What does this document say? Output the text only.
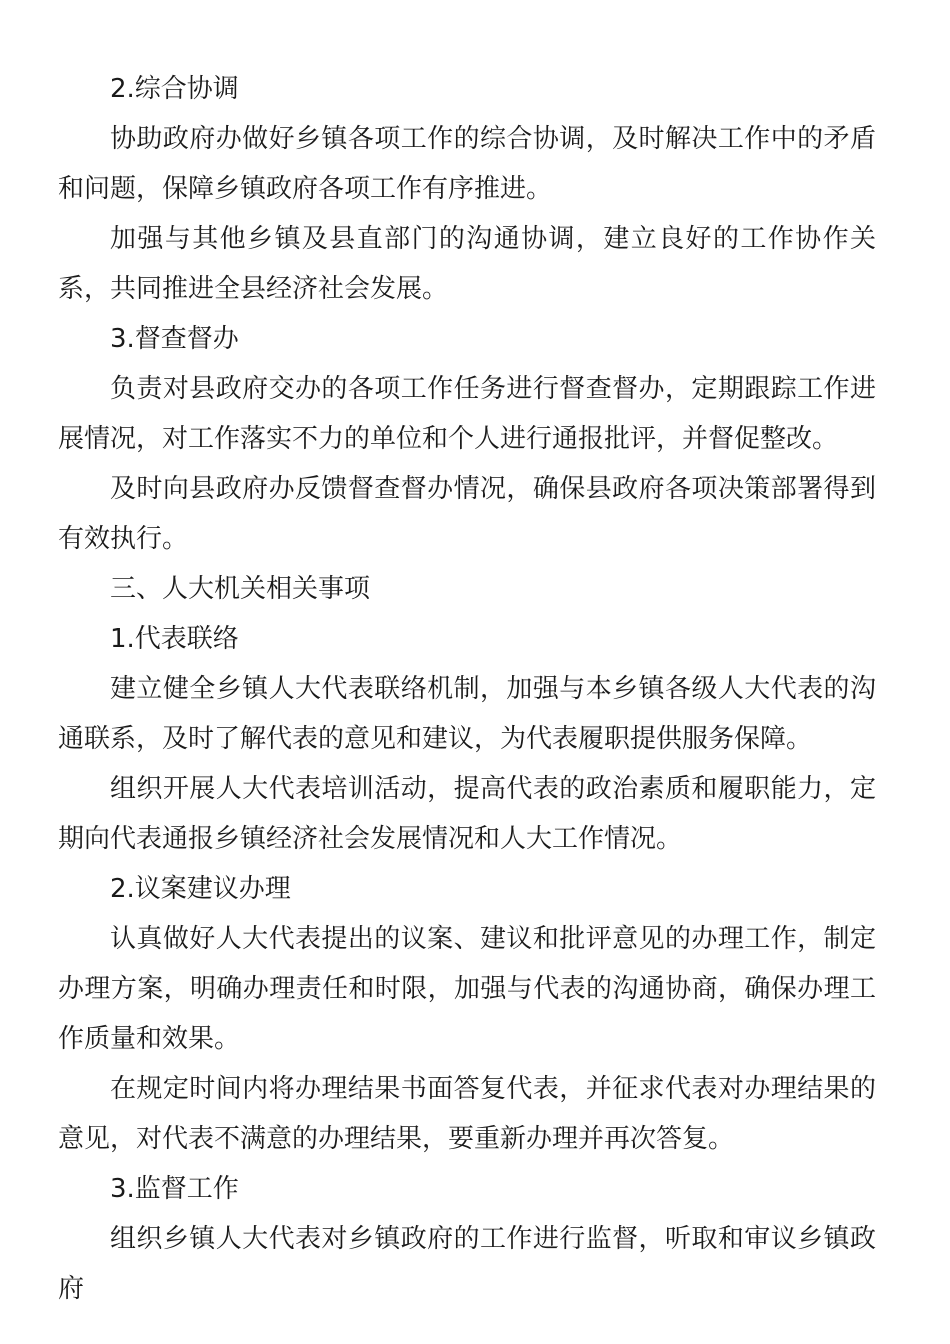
2.综合协调

协助政府办做好乡镇各项工作的综合协调，及时解决工作中的矛盾和问题，保障乡镇政府各项工作有序推进。

加强与其他乡镇及县直部门的沟通协调，建立良好的工作协作关系，共同推进全县经济社会发展。

3.督查督办

负责对县政府交办的各项工作任务进行督查督办，定期跟踪工作进展情况，对工作落实不力的单位和个人进行通报批评，并督促整改。

及时向县政府办反馈督查督办情况，确保县政府各项决策部署得到有效执行。

三、人大机关相关事项

1.代表联络

建立健全乡镇人大代表联络机制，加强与本乡镇各级人大代表的沟通联系，及时了解代表的意见和建议，为代表履职提供服务保障。

组织开展人大代表培训活动，提高代表的政治素质和履职能力，定期向代表通报乡镇经济社会发展情况和人大工作情况。

2.议案建议办理

认真做好人大代表提出的议案、建议和批评意见的办理工作，制定办理方案，明确办理责任和时限，加强与代表的沟通协商，确保办理工作质量和效果。

在规定时间内将办理结果书面答复代表，并征求代表对办理结果的意见，对代表不满意的办理结果，要重新办理并再次答复。

3.监督工作

组织乡镇人大代表对乡镇政府的工作进行监督，听取和审议乡镇政府
